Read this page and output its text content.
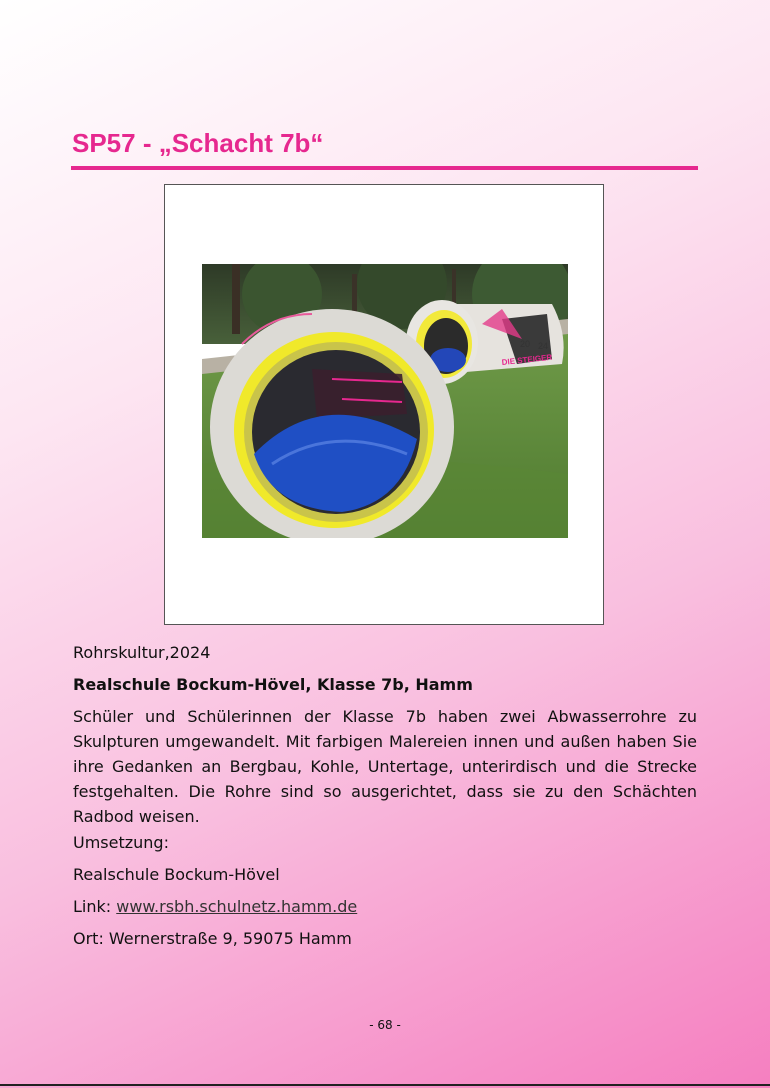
SP57 - „Schacht 7b“
20 24
DIE STEIGER
Rohrskultur,2024
Realschule Bockum-Hövel, Klasse 7b, Hamm

Schüler und Schülerinnen der Klasse 7b haben zwei Abwasserrohre zu Skulpturen umgewandelt. Mit farbigen Malereien innen und außen haben Sie ihre Gedanken an Bergbau, Kohle, Untertage, unterirdisch und die Strecke festgehalten. Die Rohre sind so ausgerichtet, dass sie zu den Schächten Radbod weisen.

Umsetzung:
Realschule Bockum-Hövel
Link: www.rsbh.schulnetz.hamm.de
Ort: Wernerstraße 9, 59075 Hamm
- 68 -
